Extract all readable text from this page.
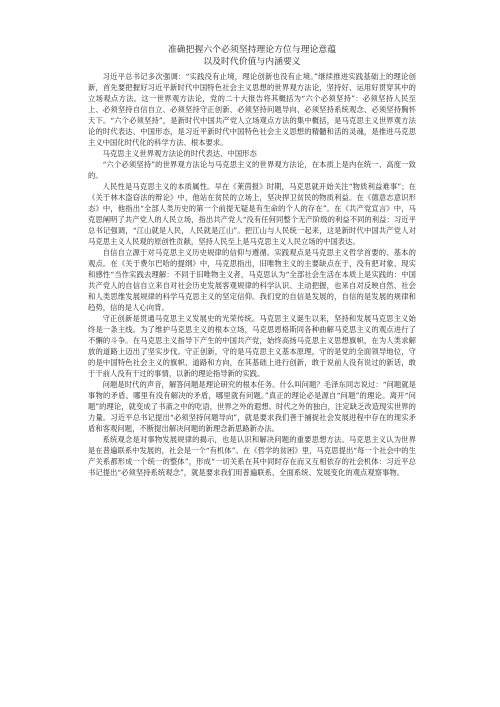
准确把握六个必须坚持理论方位与理论意蕴

以及时代价值与内涵要义

习近平总书记多次强调：“实践没有止境，理论创新也没有止境。”继续推进实践基础上的理论创新，首先要把握好习近平新时代中国特色社会主义思想的世界观方法论，坚持好、运用好贯穿其中的立场观点方法。这一世界观方法论，党的二十大报告将其概括为“六个必须坚持”：必须坚持人民至上、必须坚持自信自立、必须坚持守正创新、必须坚持问题导向、必须坚持系统观念、必须坚持胸怀天下。“六个必须坚持”，是新时代中国共产党人立场观点方法的集中概括，是马克思主义世界观方法论的时代表达、中国形态，是习近平新时代中国特色社会主义思想的精髓和活的灵魂，是推进马克思主义中国化时代化的科学方法、根本要求。

马克思主义世界观方法论的时代表达、中国形态

“六个必须坚持”的世界观方法论与马克思主义的世界观方法论，在本质上是内在统一、高度一致的。

人民性是马克思主义的本质属性。早在《莱茵报》时期，马克思就开始关注“物质利益难事”；在《关于林木盗窃法的辩论》中，他站在贫民的立场上，坚决捍卫贫民的物质利益。在《德意志意识形态》中，他指出“全部人类历史的第一个前提无疑是有生命的个人的存在”。在《共产党宣言》中，马克思阐明了共产党人的人民立场，指出共产党人“没有任何同整个无产阶级的利益不同的利益：习近平总书记强调，“江山就是人民，人民就是江山”。把江山与人民统一起来，这是新时代中国共产党人对马克思主义人民观的原创性贡献，坚持人民至上是马克思主义人民立场的中国表达。

自信自立源于对马克思主义历史规律的信仰与遵循。实践观点是马克思主义哲学首要的、基本的观点。在《关于费尔巴哈的提纲》中，马克思指出，旧唯物主义的主要缺点在于，没有把对象、现实和感性“当作实践去理解：不同于旧唯物主义者，马克思认为“全部社会生活在本质上是实践的：中国共产党人的自信自立来自对社会历史发展客观规律的科学认识、主动把握，也来自对反映自然、社会和人类思维发展规律的科学马克思主义的坚定信仰。我们党的自信是发展的，自信的是发展的规律和趋势，信的是人心向背。

守正创新是贯通马克思主义发展史的光荣传统。马克思主义诞生以来，坚持和发展马克思主义始终是一条主线。为了维护马克思主义的根本立场，马克思恩格斯同各种曲解马克思主义的观点进行了不懈的斗争。在马克思主义指导下产生的中国共产党，始终高扬马克思主义思想旗帜，在为人类求解放的道路上迈出了坚实步伐。守正创新，守的是马克思主义基本原理，守的是党的全面领导地位，守的是中国特色社会主义的旗帜、道路和方向，在其基础上进行创新，敢于说前人没有说过的新话，敢于干前人没有干过的事情，以新的理论指导新的实践。

问题是时代的声音，解答问题是理论研究的根本任务。什么叫问题？毛泽东同志说过：“问题就是事物的矛盾。哪里有没有解决的矛盾，哪里就有问题。”真正的理论必是源自“问题”的理论。离开“问题”的理论，就变成了书斋之中的吃语，世界之外的遐想。时代之外的独白，注定缺乏改造现实世界的力量。习近平总书记提出“必须坚持问题导向”，就是要求我们善于捕捉社会发展进程中存在的现实矛盾和客观问题，不断提出解决问题的新理念新思路新办法。

系统观念是对事物发展规律的揭示，也是认识和解决问题的重要思想方法。马克思主义认为世界是在普遍联系中发展的，社会是一个“有机体”。在《哲学的贫困》里，马克思提出“每一个社会中的生产关系都形成一个统一的整体”，形成“一切关系在其中同时存在而又互相依存的社会机体：习近平总书记提出“必须坚持系统观念”，就是要求我们用普遍联系、全面系统、发展变化的观点观察事物。
